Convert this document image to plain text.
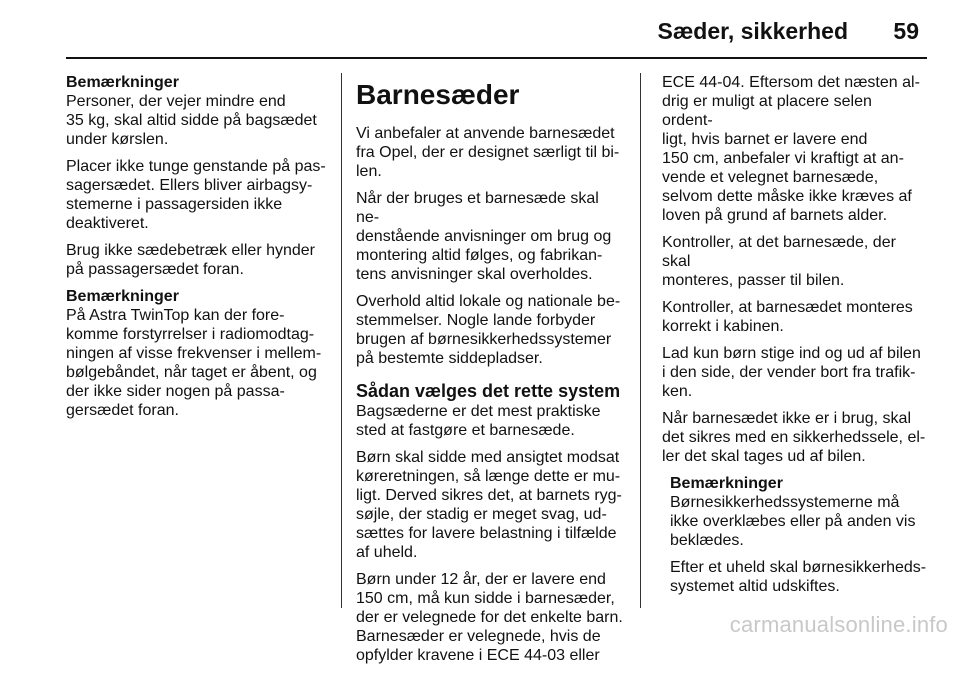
Sæder, sikkerhed 59
Bemærkninger

Personer, der vejer mindre end
35 kg, skal altid sidde på bagsædet
under kørslen.

Placer ikke tunge genstande på pas-
sagersædet. Ellers bliver airbagsy-
stemerne i passagersiden ikke
deaktiveret.

Brug ikke sædebetræk eller hynder
på passagersædet foran.

Bemærkninger

På Astra TwinTop kan der fore-
komme forstyrrelser i radiomodtag-
ningen af visse frekvenser i mellem-
bølgebåndet, når taget er åbent, og
der ikke sider nogen på passa-
gersædet foran.

Barnesæder

Vi anbefaler at anvende barnesædet
fra Opel, der er designet særligt til bi-
len.

Når der bruges et barnesæde skal ne-
denstående anvisninger om brug og
montering altid følges, og fabrikan-
tens anvisninger skal overholdes.

Overhold altid lokale og nationale be-
stemmelser. Nogle lande forbyder
brugen af børnesikkerhedssystemer
på bestemte siddepladser.

Sådan vælges det rette system

Bagsæderne er det mest praktiske
sted at fastgøre et barnesæde.

Børn skal sidde med ansigtet modsat
køreretningen, så længe dette er mu-
ligt. Derved sikres det, at barnets ryg-
søjle, der stadig er meget svag, ud-
sættes for lavere belastning i tilfælde
af uheld.

Børn under 12 år, der er lavere end
150 cm, må kun sidde i barnesæder,
der er velegnede for det enkelte barn.
Barnesæder er velegnede, hvis de
opfylder kravene i ECE 44-03 eller

ECE 44-04. Eftersom det næsten al-
drig er muligt at placere selen ordent-
ligt, hvis barnet er lavere end
150 cm, anbefaler vi kraftigt at an-
vende et velegnet barnesæde,
selvom dette måske ikke kræves af
loven på grund af barnets alder.

Kontroller, at det barnesæde, der skal
monteres, passer til bilen.

Kontroller, at barnesædet monteres
korrekt i kabinen.

Lad kun børn stige ind og ud af bilen
i den side, der vender bort fra trafik-
ken.

Når barnesædet ikke er i brug, skal
det sikres med en sikkerhedssele, el-
ler det skal tages ud af bilen.

Bemærkninger

Børnesikkerhedssystemerne må
ikke overklæbes eller på anden vis
beklædes.

Efter et uheld skal børnesikkerheds-
systemet altid udskiftes.

carmanualsonline.info
